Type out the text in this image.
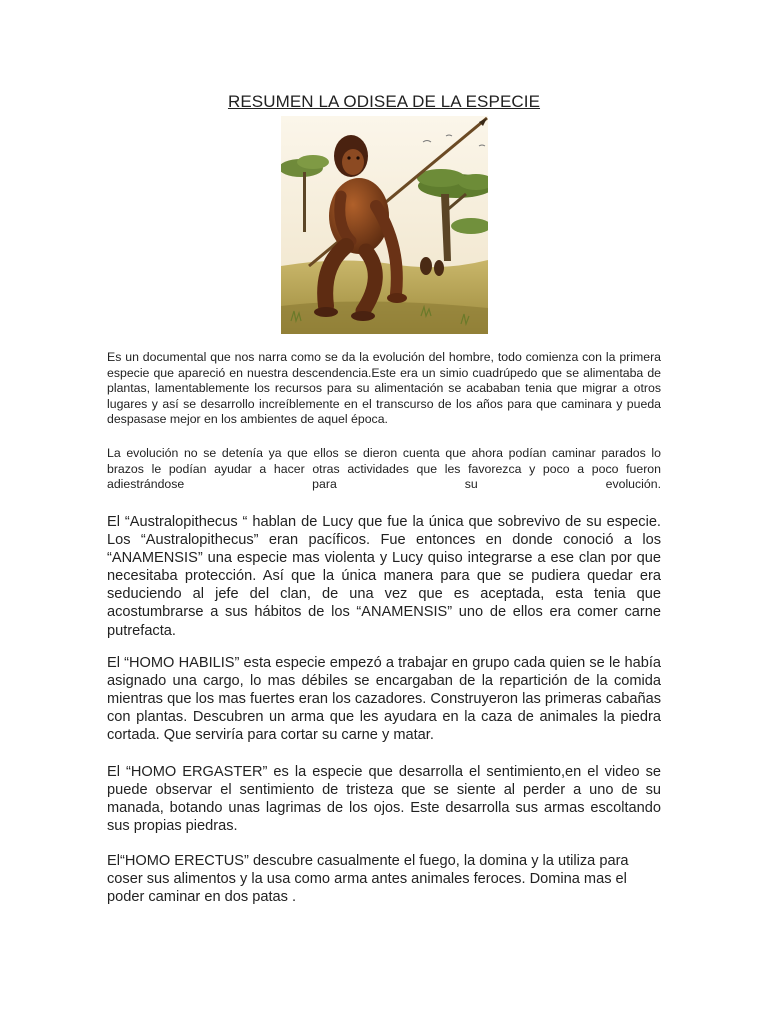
RESUMEN LA ODISEA DE LA ESPECIE
Es un documental que nos narra como se da la evolución del hombre, todo comienza con la primera especie que apareció en nuestra descendencia.Este era un simio cuadrúpedo que se alimentaba de plantas, lamentablemente los recursos para su alimentación se acababan tenia que migrar a otros lugares y así se desarrollo increíblemente en el transcurso de los años para que caminara y pueda despasase mejor en los ambientes de aquel época.
La evolución no se detenía ya que ellos se dieron cuenta que ahora podían caminar parados lo brazos le podían ayudar a hacer otras actividades que les favorezca y poco a poco fueron adiestrándose para su evolución.
El “Australopithecus “ hablan de Lucy que fue la única que sobrevivo de su especie. Los “Australopithecus” eran pacíficos. Fue entonces en donde conoció a los “ANAMENSIS” una especie mas violenta y Lucy quiso integrarse a ese clan por que necesitaba protección. Así que la única manera para que se pudiera quedar era seduciendo al jefe del clan, de una vez que es aceptada, esta tenia que acostumbrarse a sus hábitos de los “ANAMENSIS” uno de ellos era comer carne putrefacta.
El “HOMO HABILIS” esta especie empezó a trabajar en grupo cada quien se le había asignado una cargo, lo mas débiles se encargaban de la repartición de la comida mientras que los mas fuertes eran los cazadores. Construyeron las primeras cabañas con plantas. Descubren un arma que les ayudara en la caza de animales la piedra cortada. Que serviría para cortar su carne y matar.
El “HOMO ERGASTER” es la especie que desarrolla el sentimiento,en el video se puede observar el sentimiento de tristeza que se siente al perder a uno de su manada, botando unas lagrimas de los ojos. Este desarrolla sus armas escoltando sus propias piedras.
El“HOMO ERECTUS” descubre casualmente el fuego, la domina y la utiliza para coser sus alimentos y la usa como arma antes animales feroces. Domina mas el poder caminar en dos patas .
